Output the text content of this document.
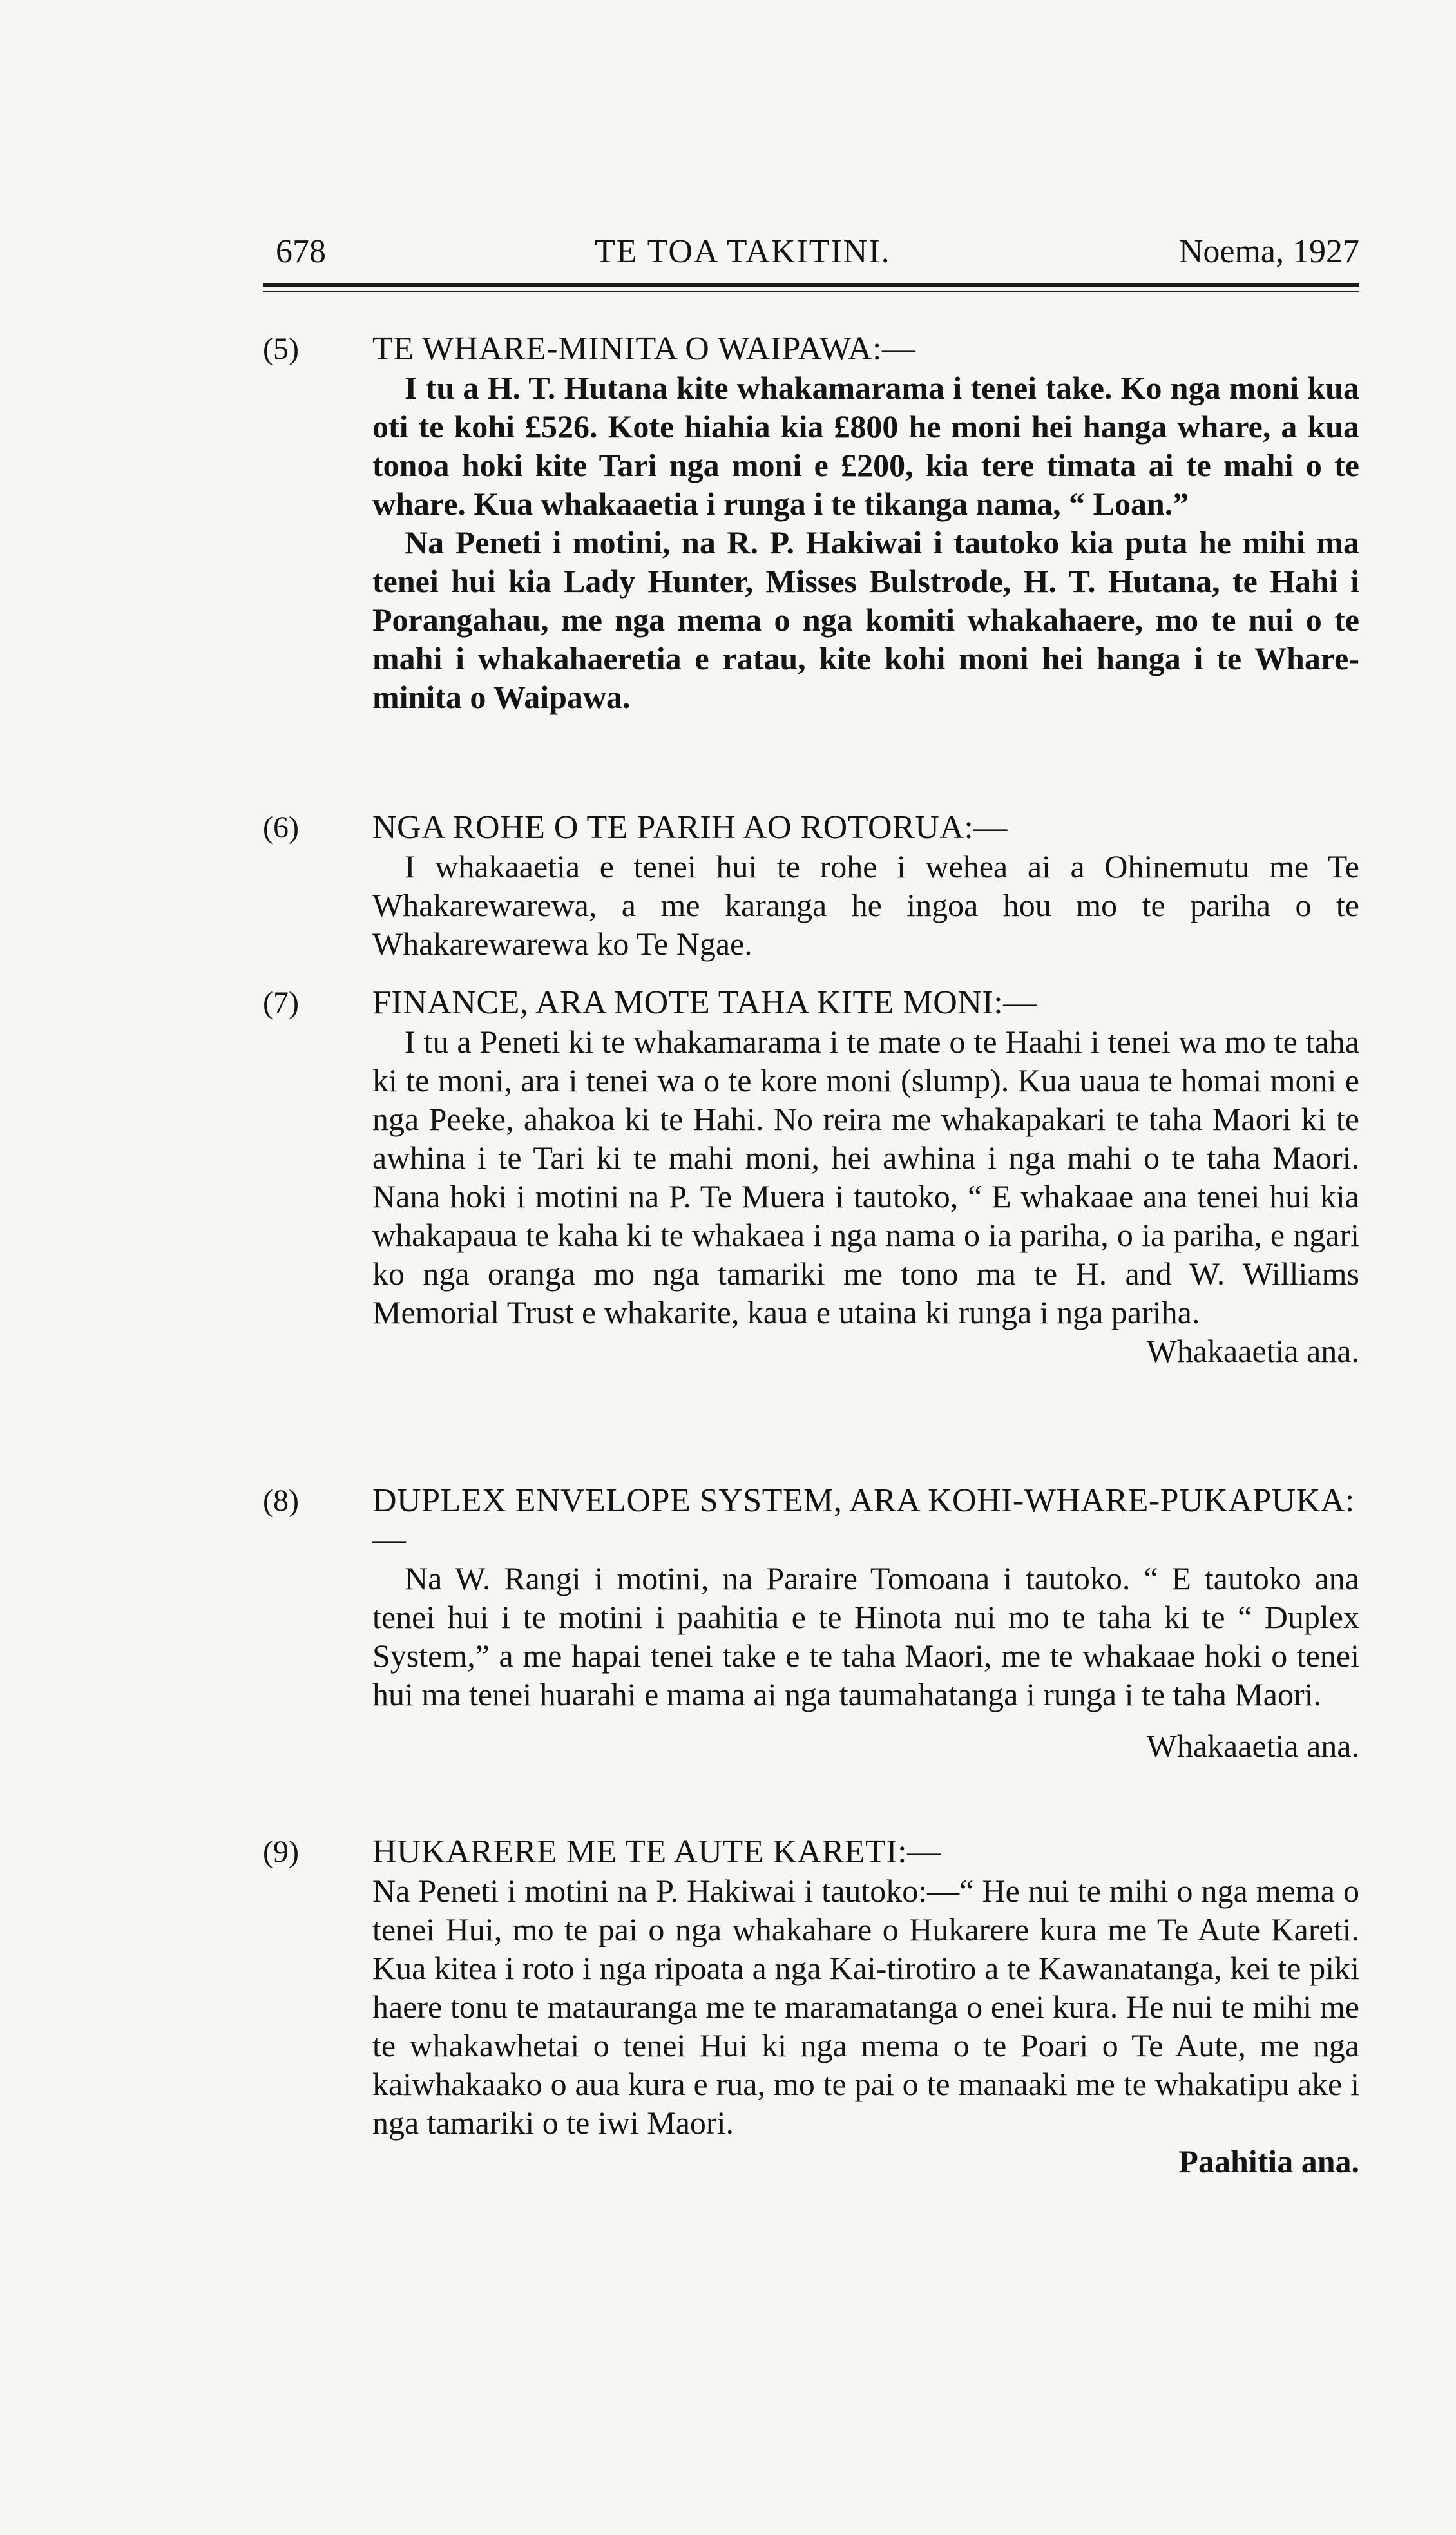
678	TE TOA TAKITINI.	Noema, 1927
(5) TE WHARE-MINITA O WAIPAWA:—

I tu a H. T. Hutana kite whakamarama i tenei take. Ko nga moni kua oti te kohi £526. Kote hiahia kia £800 he moni hei hanga whare, a kua tonoa hoki kite Tari nga moni e £200, kia tere timata ai te mahi o te whare. Kua whakaaetia i runga i te tikanga nama, “ Loan.”

Na Peneti i motini, na R. P. Hakiwai i tautoko kia puta he mihi ma tenei hui kia Lady Hunter, Misses Bulstrode, H. T. Hutana, te Hahi i Porangahau, me nga mema o nga komiti whakahaere, mo te nui o te mahi i whakahaeretia e ratau, kite kohi moni hei hanga i te Whare-minita o Waipawa.

(6) NGA ROHE O TE PARIH AO ROTORUA:—

I whakaaetia e tenei hui te rohe i wehea ai a Ohinemutu me Te Whakarewarewa, a me karanga he ingoa hou mo te pariha o te Whakarewarewa ko Te Ngae.

(7) FINANCE, ARA MOTE TAHA KITE MONI:—

I tu a Peneti ki te whakamarama i te mate o te Haahi i tenei wa mo te taha ki te moni, ara i tenei wa o te kore moni (slump). Kua uaua te homai moni e nga Peeke, ahakoa ki te Hahi. No reira me whakapakari te taha Maori ki te awhina i te Tari ki te mahi moni, hei awhina i nga mahi o te taha Maori. Nana hoki i motini na P. Te Muera i tautoko, “ E whakaae ana tenei hui kia whakapaua te kaha ki te whakaea i nga nama o ia pariha, o ia pariha, e ngari ko nga oranga mo nga tamariki me tono ma te H. and W. Williams Memorial Trust e whakarite, kaua e utaina ki runga i nga pariha.

Whakaaetia ana.
(8) DUPLEX ENVELOPE SYSTEM, ARA KOHI-WHARE-PUKAPUKA:—

Na W. Rangi i motini, na Paraire Tomoana i tautoko. “ E tautoko ana tenei hui i te motini i paahitia e te Hinota nui mo te taha ki te “ Duplex System,” a me hapai tenei take e te taha Maori, me te whakaae hoki o tenei hui ma tenei huarahi e mama ai nga taumahatanga i runga i te taha Maori.

Whakaaetia ana.
(9) HUKARERE ME TE AUTE KARETI:—

Na Peneti i motini na P. Hakiwai i tautoko:—“ He nui te mihi o nga mema o tenei Hui, mo te pai o nga whakahare o Hukarere kura me Te Aute Kareti. Kua kitea i roto i nga ripoata a nga Kai-tirotiro a te Kawanatanga, kei te piki haere tonu te matauranga me te maramatanga o enei kura. He nui te mihi me te whakawhetai o tenei Hui ki nga mema o te Poari o Te Aute, me nga kaiwhakaako o aua kura e rua, mo te pai o te manaaki me te whakatipu ake i nga tamariki o te iwi Maori.

Paahitia ana.
